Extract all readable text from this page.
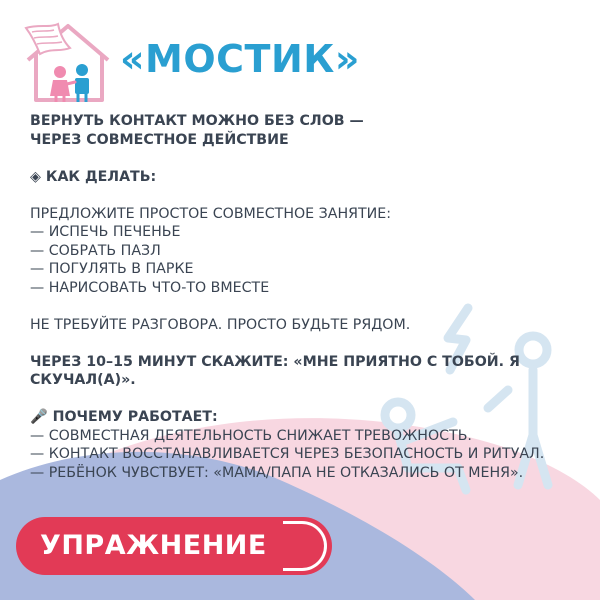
«МОСТИК»

ВЕРНУТЬ КОНТАКТ МОЖНО БЕЗ СЛОВ —

ЧЕРЕЗ СОВМЕСТНОЕ ДЕЙСТВИЕ

◈ КАК ДЕЛАТЬ:

ПРЕДЛОЖИТЕ ПРОСТОЕ СОВМЕСТНОЕ ЗАНЯТИЕ:

— ИСПЕЧЬ ПЕЧЕНЬЕ

— СОБРАТЬ ПАЗЛ

— ПОГУЛЯТЬ В ПАРКЕ

— НАРИСОВАТЬ ЧТО-ТО ВМЕСТЕ

НЕ ТРЕБУЙТЕ РАЗГОВОРА. ПРОСТО БУДЬТЕ РЯДОМ.

ЧЕРЕЗ 10–15 МИНУТ СКАЖИТЕ: «МНЕ ПРИЯТНО С ТОБОЙ. Я

СКУЧАЛ(А)».

🎤 ПОЧЕМУ РАБОТАЕТ:

— СОВМЕСТНАЯ ДЕЯТЕЛЬНОСТЬ СНИЖАЕТ ТРЕВОЖНОСТЬ.

— КОНТАКТ ВОССТАНАВЛИВАЕТСЯ ЧЕРЕЗ БЕЗОПАСНОСТЬ И РИТУАЛ.

— РЕБЁНОК ЧУВСТВУЕТ: «МАМА/ПАПА НЕ ОТКАЗАЛИСЬ ОТ МЕНЯ».

УПРАЖНЕНИЕ
